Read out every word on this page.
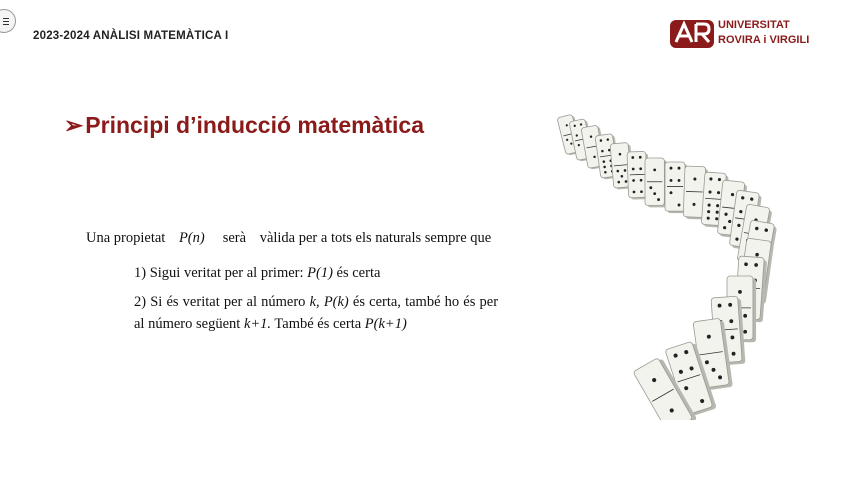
2023-2024 ANÀLISI MATEMÀTICA I
UNIVERSITAT
ROVIRA i VIRGILI
➢Principi d’inducció matemàtica
Una propietat P(n) serà vàlida per a tots els naturals sempre que
1) Sigui veritat per al primer: P(1) és certa
2) Si és veritat per al número k, P(k) és certa, també ho és per al número següent k+1. També és certa P(k+1)
